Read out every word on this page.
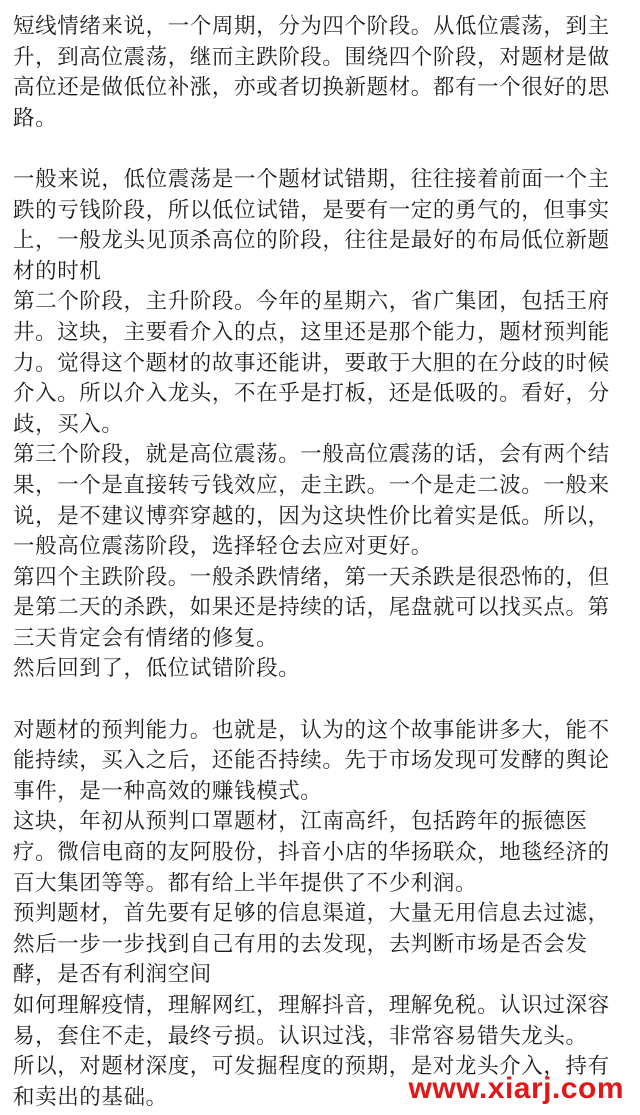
短线情绪来说，一个周期，分为四个阶段。从低位震荡，到主升，到高位震荡，继而主跌阶段。围绕四个阶段，对题材是做高位还是做低位补涨，亦或者切换新题材。都有一个很好的思路。

一般来说，低位震荡是一个题材试错期，往往接着前面一个主跌的亏钱阶段，所以低位试错，是要有一定的勇气的，但事实上，一般龙头见顶杀高位的阶段，往往是最好的布局低位新题材的时机

第二个阶段，主升阶段。今年的星期六，省广集团，包括王府井。这块，主要看介入的点，这里还是那个能力，题材预判能力。觉得这个题材的故事还能讲，要敢于大胆的在分歧的时候介入。所以介入龙头，不在乎是打板，还是低吸的。看好，分歧，买入。

第三个阶段，就是高位震荡。一般高位震荡的话，会有两个结果，一个是直接转亏钱效应，走主跌。一个是走二波。一般来说，是不建议博弈穿越的，因为这块性价比着实是低。所以，一般高位震荡阶段，选择轻仓去应对更好。

第四个主跌阶段。一般杀跌情绪，第一天杀跌是很恐怖的，但是第二天的杀跌，如果还是持续的话，尾盘就可以找买点。第三天肯定会有情绪的修复。

然后回到了，低位试错阶段。

对题材的预判能力。也就是，认为的这个故事能讲多大，能不能持续，买入之后，还能否持续。先于市场发现可发酵的舆论事件，是一种高效的赚钱模式。

这块，年初从预判口罩题材，江南高纤，包括跨年的振德医疗。微信电商的友阿股份，抖音小店的华扬联众，地毯经济的百大集团等等。都有给上半年提供了不少利润。

预判题材，首先要有足够的信息渠道，大量无用信息去过滤，然后一步一步找到自己有用的去发现，去判断市场是否会发酵，是否有利润空间

如何理解疫情，理解网红，理解抖音，理解免税。认识过深容易，套住不走，最终亏损。认识过浅，非常容易错失龙头。

所以，对题材深度，可发掘程度的预期，是对龙头介入，持有和卖出的基础。	www.xiarj.com
